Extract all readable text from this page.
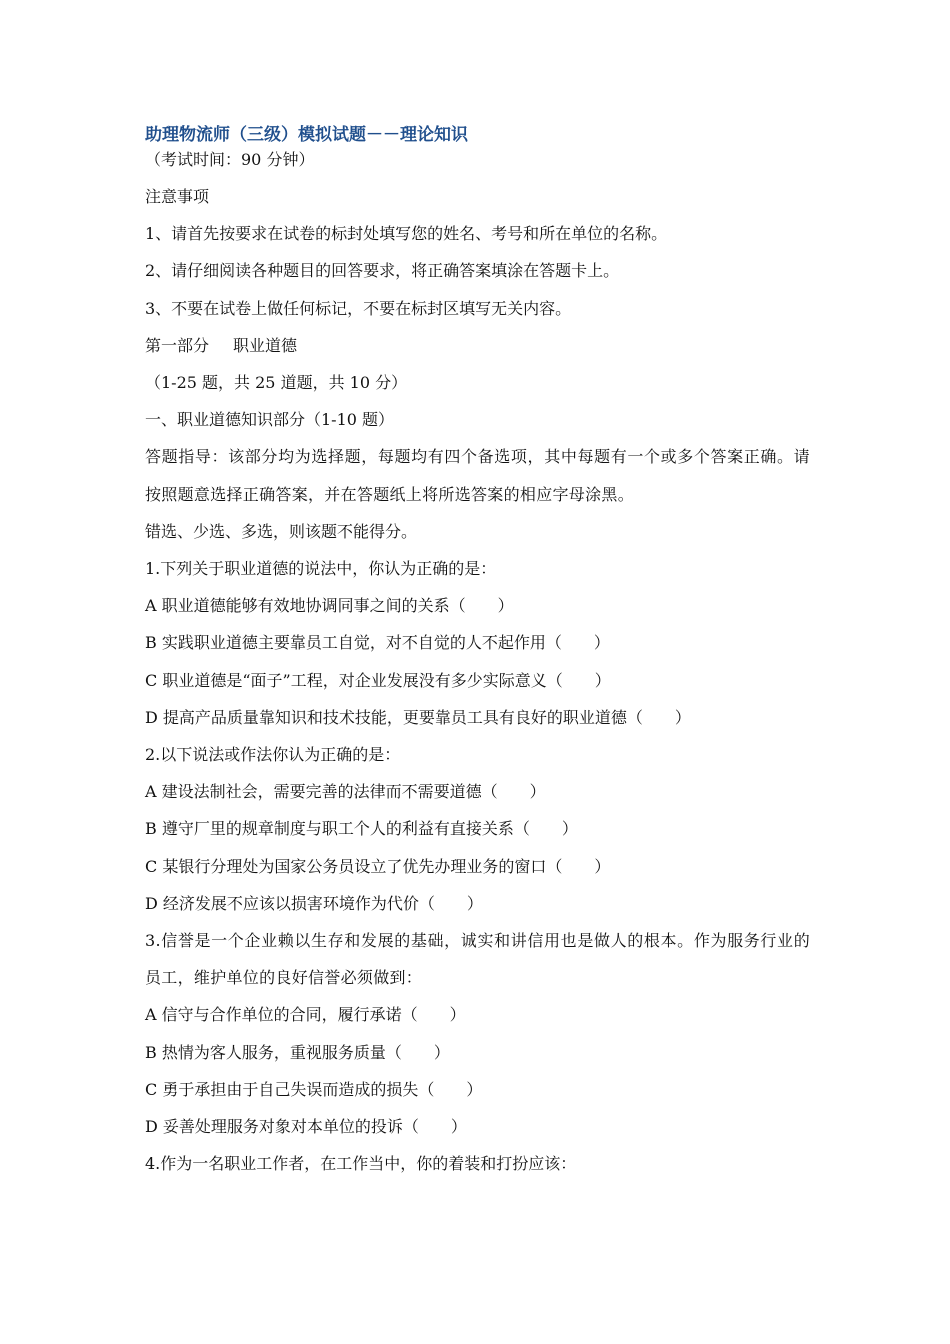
助理物流师（三级）模拟试题－－理论知识
（考试时间：90 分钟）
注意事项
1、请首先按要求在试卷的标封处填写您的姓名、考号和所在单位的名称。
2、请仔细阅读各种题目的回答要求，将正确答案填涂在答题卡上。
3、不要在试卷上做任何标记，不要在标封区填写无关内容。
第一部分 职业道德
（1-25 题，共 25 道题，共 10 分）
一、职业道德知识部分（1-10 题）
答题指导：该部分均为选择题，每题均有四个备选项，其中每题有一个或多个答案正确。请按照题意选择正确答案，并在答题纸上将所选答案的相应字母涂黑。
错选、少选、多选，则该题不能得分。
1.下列关于职业道德的说法中，你认为正确的是：
A 职业道德能够有效地协调同事之间的关系（　　）
B 实践职业道德主要靠员工自觉，对不自觉的人不起作用（　　）
C 职业道德是“面子”工程，对企业发展没有多少实际意义（　　）
D 提高产品质量靠知识和技术技能，更要靠员工具有良好的职业道德（　　）
2.以下说法或作法你认为正确的是：
A 建设法制社会，需要完善的法律而不需要道德（　　）
B 遵守厂里的规章制度与职工个人的利益有直接关系（　　）
C 某银行分理处为国家公务员设立了优先办理业务的窗口（　　）
D 经济发展不应该以损害环境作为代价（　　）
3.信誉是一个企业赖以生存和发展的基础，诚实和讲信用也是做人的根本。作为服务行业的员工，维护单位的良好信誉必须做到：
A 信守与合作单位的合同，履行承诺（　　）
B 热情为客人服务，重视服务质量（　　）
C 勇于承担由于自己失误而造成的损失（　　）
D 妥善处理服务对象对本单位的投诉（　　）
4.作为一名职业工作者，在工作当中，你的着装和打扮应该：
